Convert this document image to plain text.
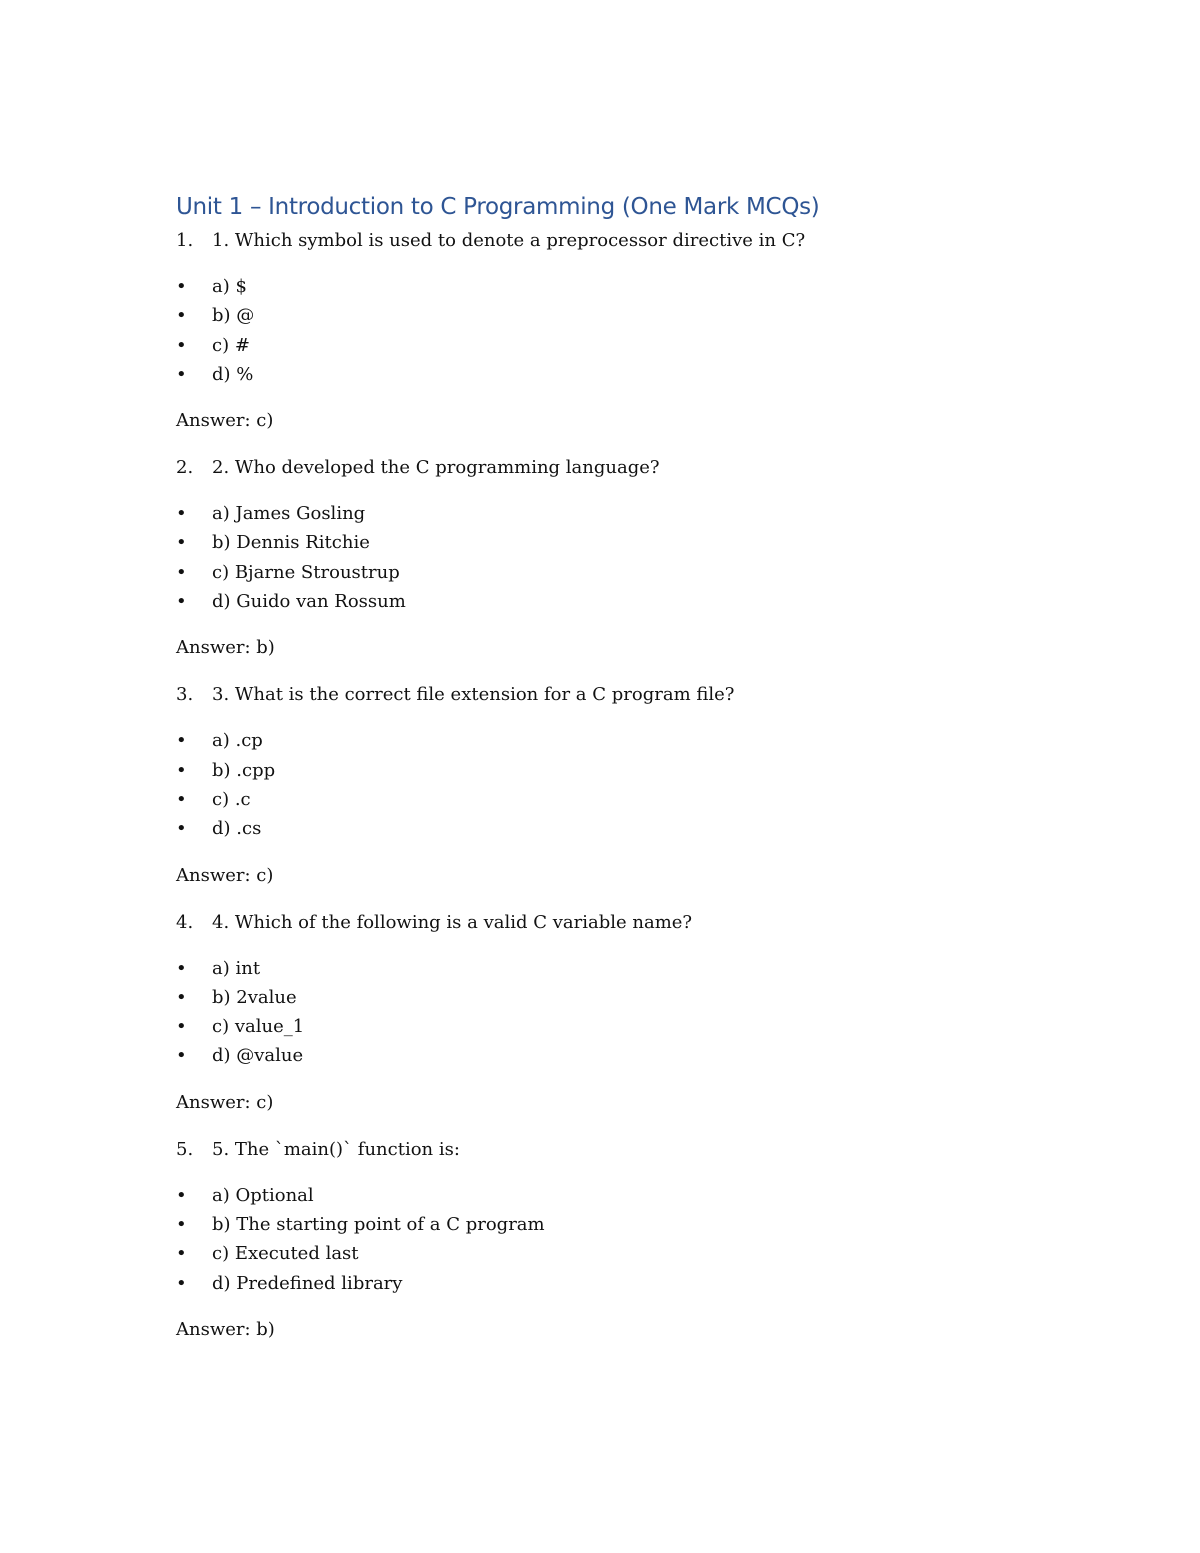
Unit 1 – Introduction to C Programming (One Mark MCQs)
1. 1. Which symbol is used to denote a preprocessor directive in C?
• a) $
• b) @
• c) #
• d) %
Answer: c)
2. 2. Who developed the C programming language?
• a) James Gosling
• b) Dennis Ritchie
• c) Bjarne Stroustrup
• d) Guido van Rossum
Answer: b)
3. 3. What is the correct file extension for a C program file?
• a) .cp
• b) .cpp
• c) .c
• d) .cs
Answer: c)
4. 4. Which of the following is a valid C variable name?
• a) int
• b) 2value
• c) value_1
• d) @value
Answer: c)
5. 5. The `main()` function is:
• a) Optional
• b) The starting point of a C program
• c) Executed last
• d) Predefined library
Answer: b)
